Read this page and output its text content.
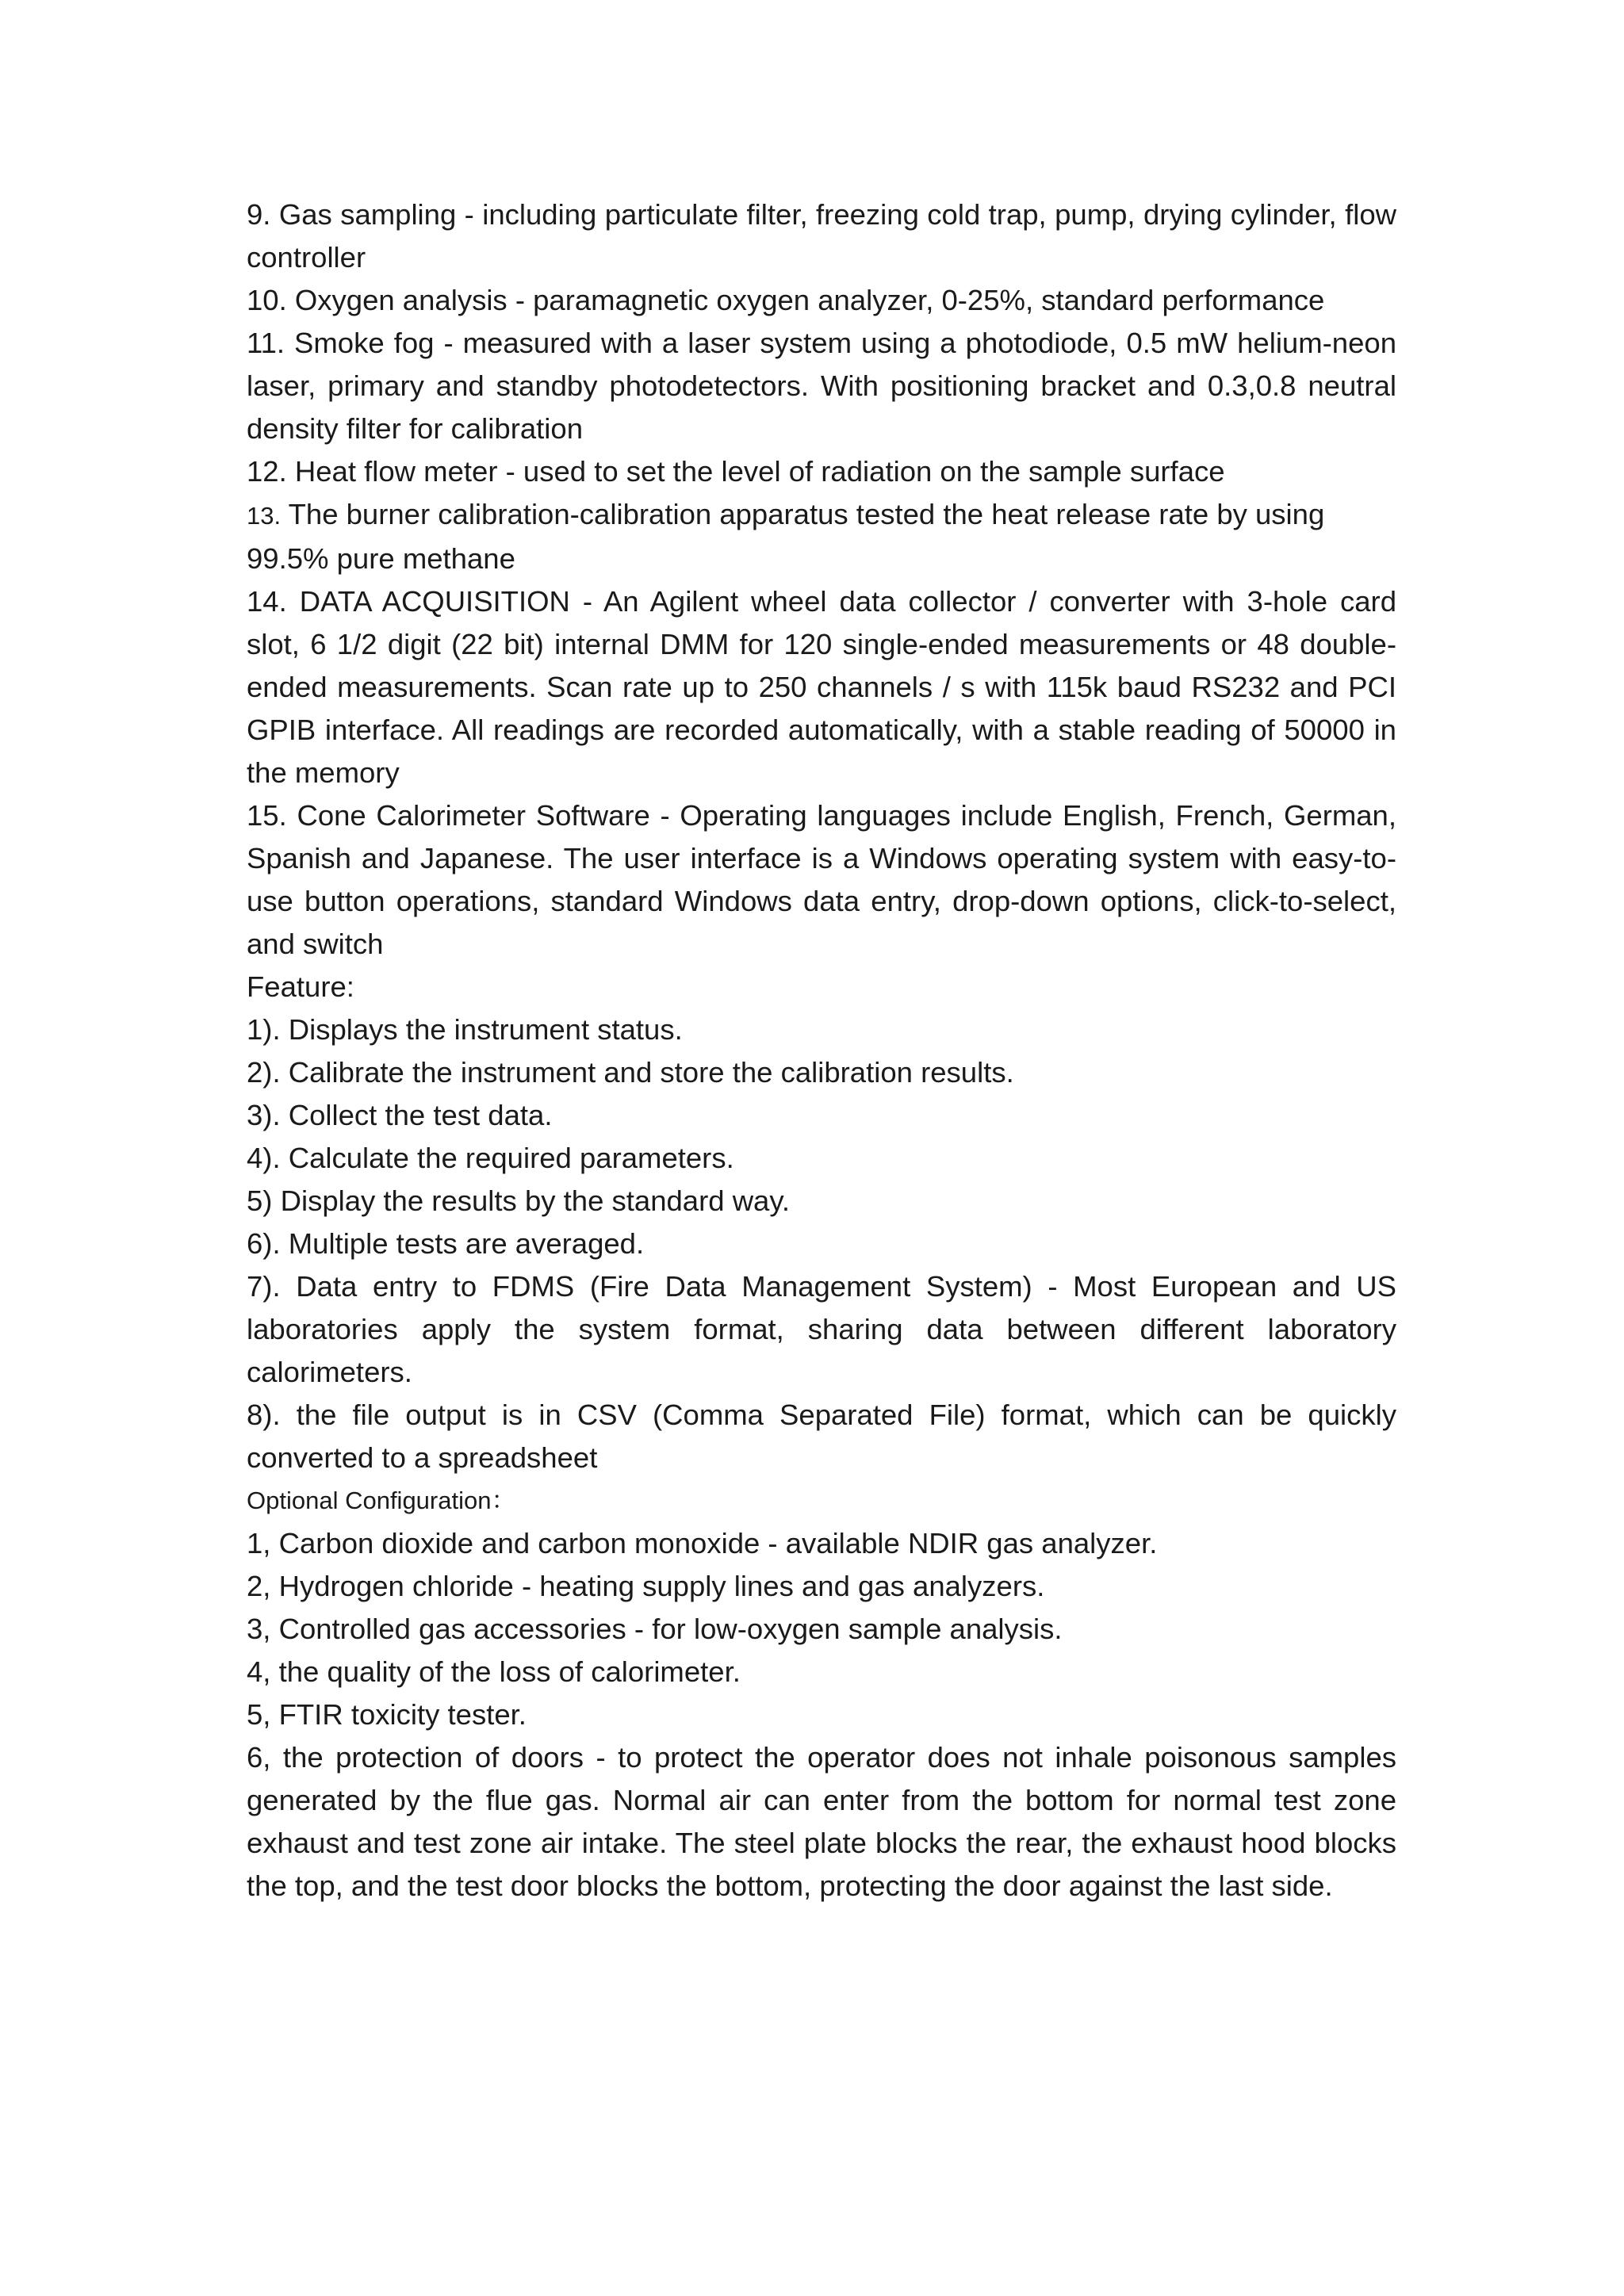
9. Gas sampling - including particulate filter, freezing cold trap, pump, drying cylinder, flow controller

10. Oxygen analysis - paramagnetic oxygen analyzer, 0-25%, standard performance

11. Smoke fog - measured with a laser system using a photodiode, 0.5 mW helium-neon laser, primary and standby photodetectors. With positioning bracket and 0.3,0.8 neutral density filter for calibration

12. Heat flow meter - used to set the level of radiation on the sample surface

13. The burner calibration-calibration apparatus tested the heat release rate by using 99.5% pure methane

14. DATA ACQUISITION - An Agilent wheel data collector / converter with 3-hole card slot, 6 1/2 digit (22 bit) internal DMM for 120 single-ended measurements or 48 double-ended measurements. Scan rate up to 250 channels / s with 115k baud RS232 and PCI GPIB interface. All readings are recorded automatically, with a stable reading of 50000 in the memory

15. Cone Calorimeter Software - Operating languages include English, French, German, Spanish and Japanese. The user interface is a Windows operating system with easy-to-use button operations, standard Windows data entry, drop-down options, click-to-select, and switch

Feature:

1). Displays the instrument status.

2). Calibrate the instrument and store the calibration results.

3). Collect the test data.

4). Calculate the required parameters.

5) Display the results by the standard way.

6). Multiple tests are averaged.

7). Data entry to FDMS (Fire Data Management System) - Most European and US laboratories apply the system format, sharing data between different laboratory calorimeters.

8). the file output is in CSV (Comma Separated File) format, which can be quickly converted to a spreadsheet

Optional Configuration：

1, Carbon dioxide and carbon monoxide - available NDIR gas analyzer.

2, Hydrogen chloride - heating supply lines and gas analyzers.

3, Controlled gas accessories - for low-oxygen sample analysis.

4, the quality of the loss of calorimeter.

5, FTIR toxicity tester.

6, the protection of doors - to protect the operator does not inhale poisonous samples generated by the flue gas. Normal air can enter from the bottom for normal test zone exhaust and test zone air intake. The steel plate blocks the rear, the exhaust hood blocks the top, and the test door blocks the bottom, protecting the door against the last side.
